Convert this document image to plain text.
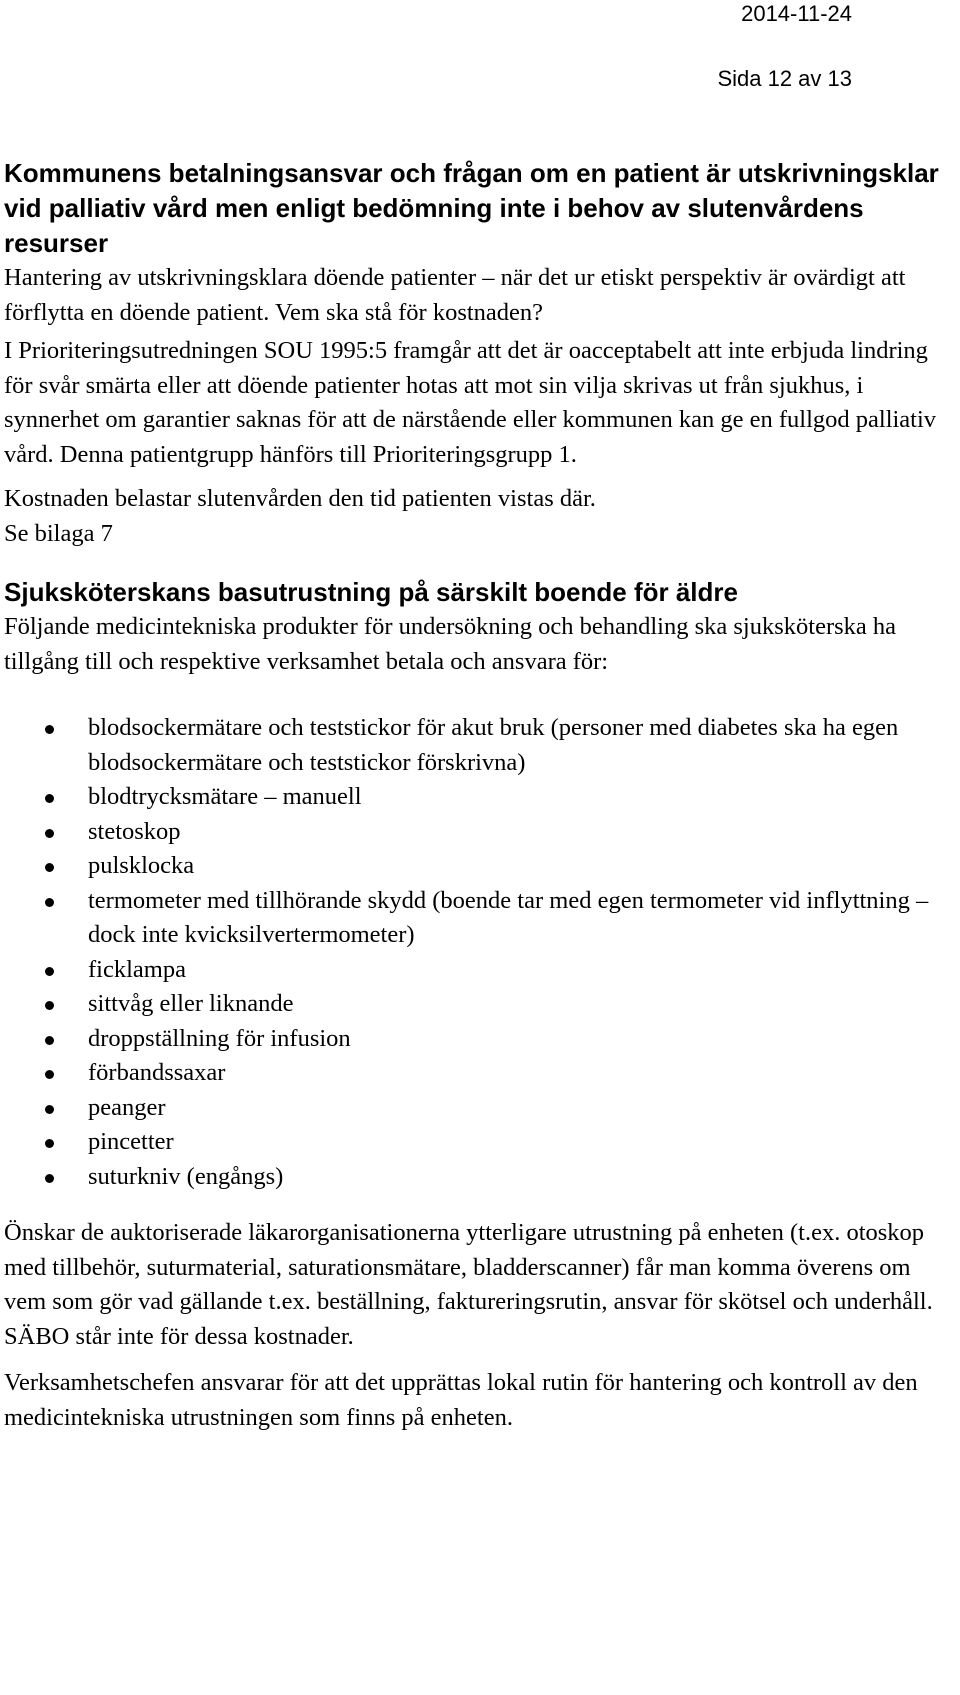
2014-11-24
Sida 12 av 13
Kommunens betalningsansvar och frågan om en patient är utskrivningsklar vid palliativ vård men enligt bedömning inte i behov av slutenvårdens resurser

Hantering av utskrivningsklara döende patienter – när det ur etiskt perspektiv är ovärdigt att förflytta en döende patient. Vem ska stå för kostnaden?

I Prioriteringsutredningen SOU 1995:5 framgår att det är oacceptabelt att inte erbjuda lindring för svår smärta eller att döende patienter hotas att mot sin vilja skrivas ut från sjukhus, i synnerhet om garantier saknas för att de närstående eller kommunen kan ge en fullgod palliativ vård. Denna patientgrupp hänförs till Prioriteringsgrupp 1.

Kostnaden belastar slutenvården den tid patienten vistas där.

Se bilaga 7

Sjuksköterskans basutrustning på särskilt boende för äldre

Följande medicintekniska produkter för undersökning och behandling ska sjuksköterska ha tillgång till och respektive verksamhet betala och ansvara för:

blodsockermätare och teststickor för akut bruk (personer med diabetes ska ha egen blodsockermätare och teststickor förskrivna)
blodtrycksmätare – manuell
stetoskop
pulsklocka
termometer med tillhörande skydd (boende tar med egen termometer vid inflyttning – dock inte kvicksilvertermometer)
ficklampa
sittvåg eller liknande
droppställning för infusion
förbandssaxar
peanger
pincetter
suturkniv (engångs)

Önskar de auktoriserade läkarorganisationerna ytterligare utrustning på enheten (t.ex. otoskop med tillbehör, suturmaterial, saturationsmätare, bladderscanner) får man komma överens om vem som gör vad gällande t.ex. beställning, faktureringsrutin, ansvar för skötsel och underhåll. SÄBO står inte för dessa kostnader.

Verksamhetschefen ansvarar för att det upprättas lokal rutin för hantering och kontroll av den medicintekniska utrustningen som finns på enheten.
